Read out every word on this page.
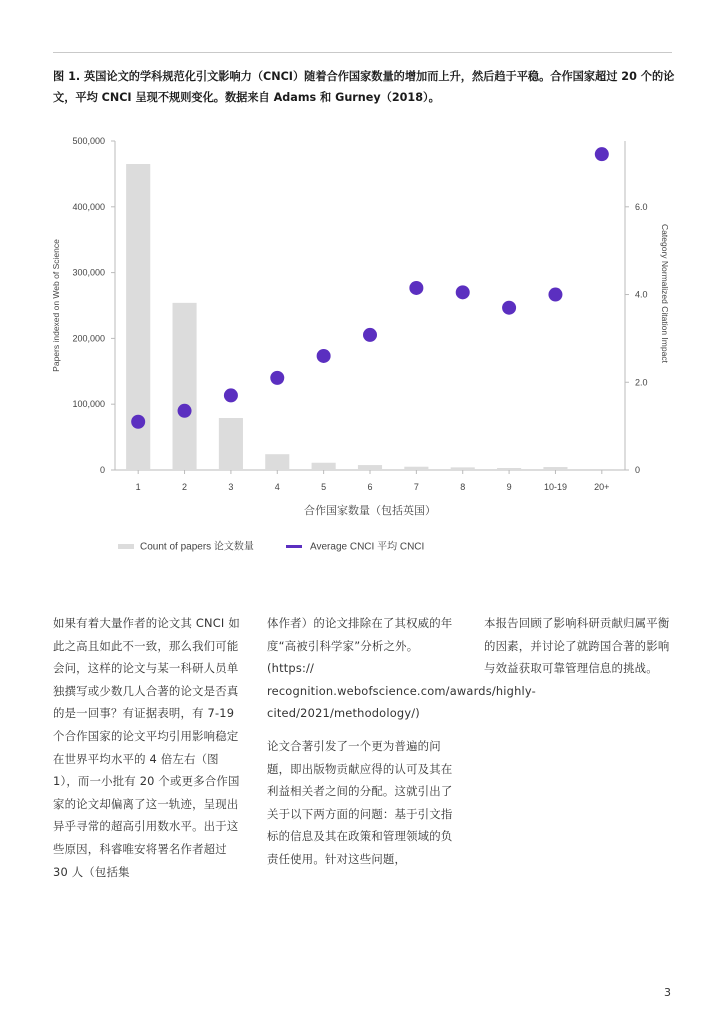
图 1. 英国论文的学科规范化引文影响力（CNCI）随着合作国家数量的增加而上升，然后趋于平稳。合作国家超过 20 个的论文，平均 CNCI 呈现不规则变化。数据来自 Adams 和 Gurney（2018）。
0
100,000
200,000
300,000
400,000
500,000
0
2.0
4.0
6.0
1	2	3	4	5	6	7	8	9	10-19	20+
Papers indexed on Web of Science	Category Normalized Citation Impact
合作国家数量（包括英国）
Count of papers 论文数量	Average CNCI 平均 CNCI

如果有着大量作者的论文其 CNCI 如此之高且如此不一致，那么我们可能会问，这样的论文与某一科研人员单独撰写或少数几人合著的论文是否真的是一回事？有证据表明，有 7-19 个合作国家的论文平均引用影响稳定在世界平均水平的 4 倍左右（图 1），而一小批有 20 个或更多合作国家的论文却偏离了这一轨迹，呈现出异乎寻常的超高引用数水平。出于这些原因，科睿唯安将署名作者超过 30 人（包括集

体作者）的论文排除在了其权威的年度“高被引科学家”分析之外。(https:// recognition.webofscience.com/awards/highly-cited/2021/methodology/)

论文合著引发了一个更为普遍的问题，即出版物贡献应得的认可及其在利益相关者之间的分配。这就引出了关于以下两方面的问题：基于引文指标的信息及其在政策和管理领域的负责任使用。针对这些问题，

本报告回顾了影响科研贡献归属平衡的因素，并讨论了就跨国合著的影响与效益获取可靠管理信息的挑战。

3
